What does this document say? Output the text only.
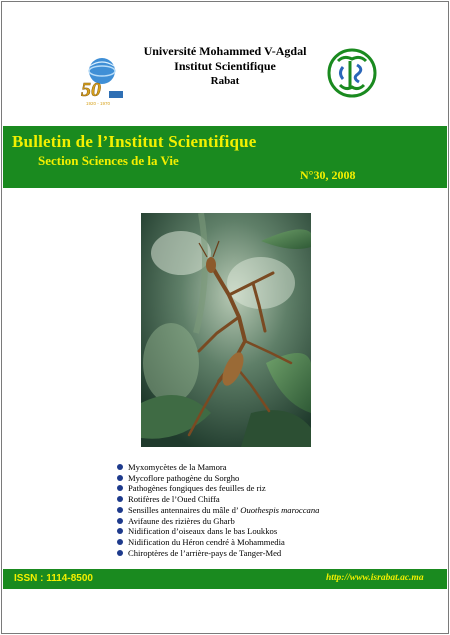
50
1920 - 1970
Université Mohammed V-Agdal
Institut Scientifique
Rabat
Bulletin de l’Institut Scientifique
Section Sciences de la Vie
N°30, 2008
Myxomycètes de la Mamora
Mycoflore pathogène du Sorgho
Pathogènes fongiques des feuilles de riz
Rotifères de l’Oued Chiffa
Sensilles antennaires du mâle d’ Ouothespis maroccana
Avifaune des rizières du Gharb
Nidification d’oiseaux dans le bas Loukkos
Nidification du Héron cendré à Mohammedia
Chiroptères de l’arrière-pays de Tanger-Med
ISSN : 1114-8500	http://www.israbat.ac.ma
